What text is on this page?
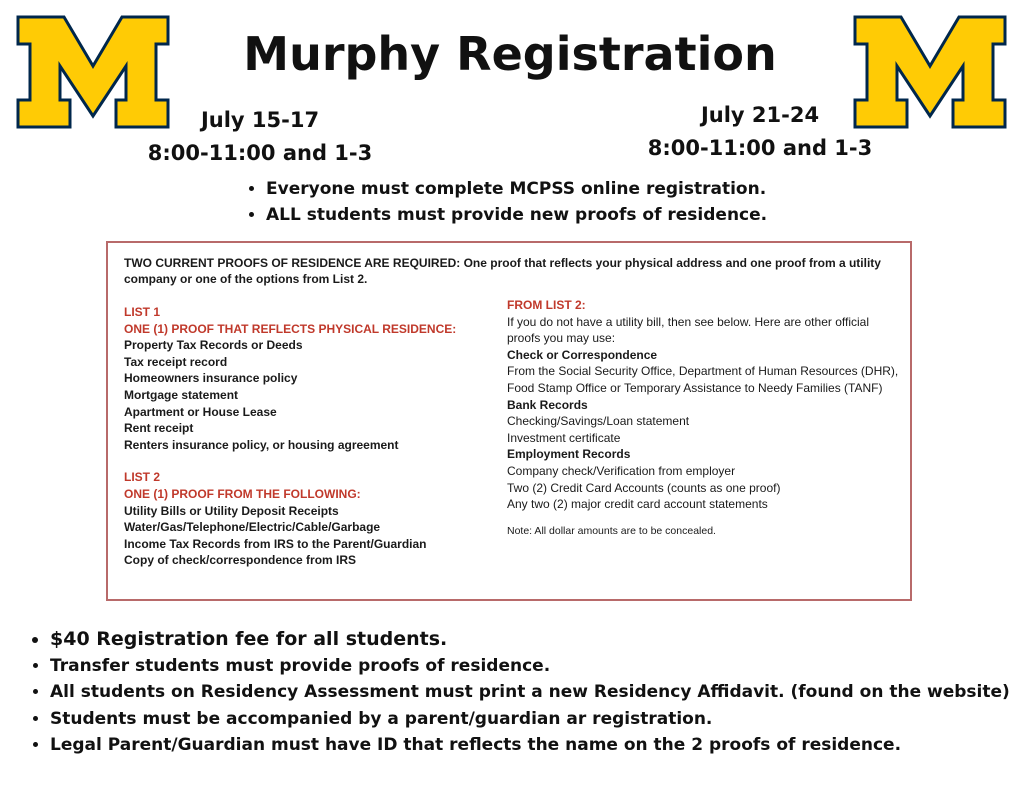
Murphy Registration
July 15-17
8:00-11:00 and 1-3
July 21-24
8:00-11:00 and 1-3
• Everyone must complete MCPSS online registration.
• ALL students must provide new proofs of residence.
TWO CURRENT PROOFS OF RESIDENCE ARE REQUIRED: One proof that reflects your physical address and one proof from a utility company or one of the options from List 2.
LIST 1
ONE (1) PROOF THAT REFLECTS PHYSICAL RESIDENCE:
Property Tax Records or Deeds
Tax receipt record
Homeowners insurance policy
Mortgage statement
Apartment or House Lease
Rent receipt
Renters insurance policy, or housing agreement
LIST 2
ONE (1) PROOF FROM THE FOLLOWING:
Utility Bills or Utility Deposit Receipts
Water/Gas/Telephone/Electric/Cable/Garbage
Income Tax Records from IRS to the Parent/Guardian
Copy of check/correspondence from IRS
FROM LIST 2:
If you do not have a utility bill, then see below. Here are other official proofs you may use:
Check or Correspondence
From the Social Security Office, Department of Human Resources (DHR), Food Stamp Office or Temporary Assistance to Needy Families (TANF)
Bank Records
Checking/Savings/Loan statement
Investment certificate
Employment Records
Company check/Verification from employer
Two (2) Credit Card Accounts (counts as one proof)
Any two (2) major credit card account statements
Note: All dollar amounts are to be concealed.
• $40 Registration fee for all students.
• Transfer students must provide proofs of residence.
• All students on Residency Assessment must print a new Residency Affidavit. (found on the website)
• Students must be accompanied by a parent/guardian ar registration.
• Legal Parent/Guardian must have ID that reflects the name on the 2 proofs of residence.
